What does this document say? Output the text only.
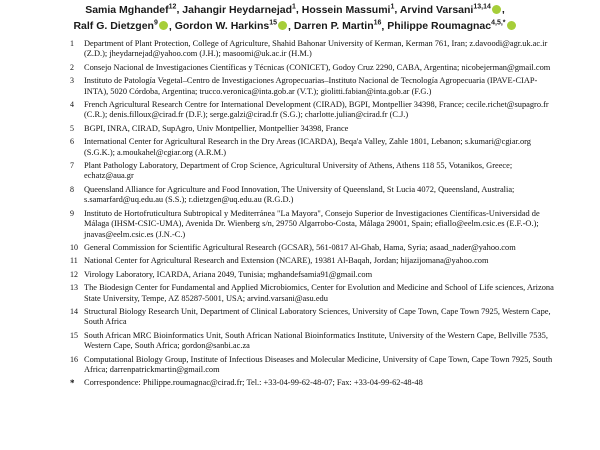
Samia Mghandef$^{12}$, Jahangir Heydarnejad$^1$, Hossein Massumi$^1$, Arvind Varsani$^{13,14}$ ,
Ralf G. Dietzgen$^9$ , Gordon W. Harkins$^{15}$ , Darren P. Martin$^{16}$, Philippe Roumagnac$^{4,5,*}$
1	Department of Plant Protection, College of Agriculture, Shahid Bahonar University of Kerman, Kerman 761, Iran; z.davoodi@agr.uk.ac.ir (Z.D.); jheydarnejad@yahoo.com (J.H.); masoomi@uk.ac.ir (H.M.)
2	Consejo Nacional de Investigaciones Científicas y Técnicas (CONICET), Godoy Cruz 2290, CABA, Argentina; nicobejerman@gmail.com
3	Instituto de Patología Vegetal–Centro de Investigaciones Agropecuarias–Instituto Nacional de Tecnología Agropecuaria (IPAVE-CIAP-INTA), 5020 Córdoba, Argentina; trucco.veronica@inta.gob.ar (V.T.); giolitti.fabian@inta.gob.ar (F.G.)
4	French Agricultural Research Centre for International Development (CIRAD), BGPI, Montpellier 34398, France; cecile.richet@supagro.fr (C.R.); denis.filloux@cirad.fr (D.F.); serge.galzi@cirad.fr (S.G.); charlotte.julian@cirad.fr (C.J.)
5	BGPI, INRA, CIRAD, SupAgro, Univ Montpellier, Montpellier 34398, France
6	International Center for Agricultural Research in the Dry Areas (ICARDA), Beqa'a Valley, Zahle 1801, Lebanon; s.kumari@cgiar.org (S.G.K.); a.moukahel@cgiar.org (A.R.M.)
7	Plant Pathology Laboratory, Department of Crop Science, Agricultural University of Athens, Athens 118 55, Votanikos, Greece; echatz@aua.gr
8	Queensland Alliance for Agriculture and Food Innovation, The University of Queensland, St Lucia 4072, Queensland, Australia; s.samarfard@uq.edu.au (S.S.); r.dietzgen@uq.edu.au (R.G.D.)
9	Instituto de Hortofruticultura Subtropical y Mediterránea "La Mayora", Consejo Superior de Investigaciones Científicas-Universidad de Málaga (IHSM-CSIC-UMA), Avenida Dr. Wienberg s/n, 29750 Algarrobo-Costa, Málaga 29001, Spain; efiallo@eelm.csic.es (E.F.-O.); jnavas@eelm.csic.es (J.N.-C.)
10 General Commission for Scientific Agricultural Research (GCSAR), 561-0817 Al-Ghab, Hama, Syria; asaad_nader@yahoo.com
11 National Center for Agricultural Research and Extension (NCARE), 19381 Al-Baqah, Jordan; hijazijomana@yahoo.com
12 Virology Laboratory, ICARDA, Ariana 2049, Tunisia; mghandefsamia91@gmail.com
13 The Biodesign Center for Fundamental and Applied Microbiomics, Center for Evolution and Medicine and School of Life sciences, Arizona State University, Tempe, AZ 85287-5001, USA; arvind.varsani@asu.edu
14 Structural Biology Research Unit, Department of Clinical Laboratory Sciences, University of Cape Town, Cape Town 7925, Western Cape, South Africa
15 South African MRC Bioinformatics Unit, South African National Bioinformatics Institute, University of the Western Cape, Bellville 7535, Western Cape, South Africa; gordon@sanbi.ac.za
16 Computational Biology Group, Institute of Infectious Diseases and Molecular Medicine, University of Cape Town, Cape Town 7925, South Africa; darrenpatrickmartin@gmail.com
*	Correspondence: Philippe.roumagnac@cirad.fr; Tel.: +33-04-99-62-48-07; Fax: +33-04-99-62-48-48
